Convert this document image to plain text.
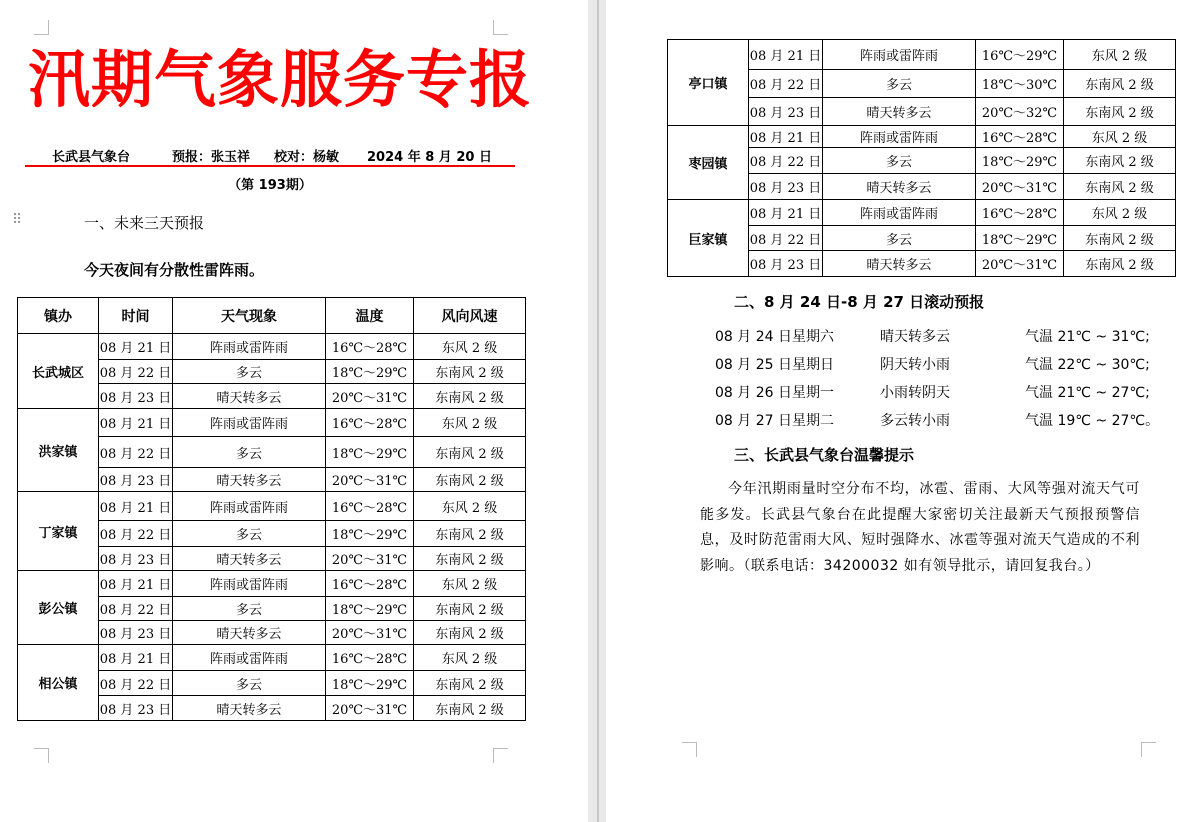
汛期气象服务专报
长武县气象台	预报：张玉祥 校对：杨敏 2024 年 8 月 20 日
（第 193期）
⠿	一、未来三天预报
今天夜间有分散性雷阵雨。
镇办	时间	天气现象	温度	风向风速
长武城区	08 月 21 日	阵雨或雷阵雨	16℃～28℃	东风 2 级
	08 月 22 日	多云	18℃～29℃	东南风 2 级
	08 月 23 日	晴天转多云	20℃～31℃	东南风 2 级
洪家镇	08 月 21 日	阵雨或雷阵雨	16℃～28℃	东风 2 级
	08 月 22 日	多云	18℃～29℃	东南风 2 级
	08 月 23 日	晴天转多云	20℃～31℃	东南风 2 级
丁家镇	08 月 21 日	阵雨或雷阵雨	16℃～28℃	东风 2 级
	08 月 22 日	多云	18℃～29℃	东南风 2 级
	08 月 23 日	晴天转多云	20℃～31℃	东南风 2 级
彭公镇	08 月 21 日	阵雨或雷阵雨	16℃～28℃	东风 2 级
	08 月 22 日	多云	18℃～29℃	东南风 2 级
	08 月 23 日	晴天转多云	20℃～31℃	东南风 2 级
相公镇	08 月 21 日	阵雨或雷阵雨	16℃～28℃	东风 2 级
	08 月 22 日	多云	18℃～29℃	东南风 2 级
	08 月 23 日	晴天转多云	20℃～31℃	东南风 2 级
亭口镇	08 月 21 日	阵雨或雷阵雨	16℃～29℃	东风 2 级
	08 月 22 日	多云	18℃～30℃	东南风 2 级
	08 月 23 日	晴天转多云	20℃～32℃	东南风 2 级
枣园镇	08 月 21 日	阵雨或雷阵雨	16℃～28℃	东风 2 级
	08 月 22 日	多云	18℃～29℃	东南风 2 级
	08 月 23 日	晴天转多云	20℃～31℃	东南风 2 级
巨家镇	08 月 21 日	阵雨或雷阵雨	16℃～28℃	东风 2 级
	08 月 22 日	多云	18℃～29℃	东南风 2 级
	08 月 23 日	晴天转多云	20℃～31℃	东南风 2 级
二、8 月 24 日-8 月 27 日滚动预报
08 月 24 日星期六	晴天转多云	气温 21℃ ~ 31℃;
08 月 25 日星期日	阴天转小雨	气温 22℃ ~ 30℃;
08 月 26 日星期一	小雨转阴天	气温 21℃ ~ 27℃;
08 月 27 日星期二	多云转小雨	气温 19℃ ~ 27℃。
三、长武县气象台温馨提示
今年汛期雨量时空分布不均，冰雹、雷雨、大风等强对流天气可能多发。长武县气象台在此提醒大家密切关注最新天气预报预警信息，及时防范雷雨大风、短时强降水、冰雹等强对流天气造成的不利影响。（联系电话：34200032 如有领导批示，请回复我台。）
